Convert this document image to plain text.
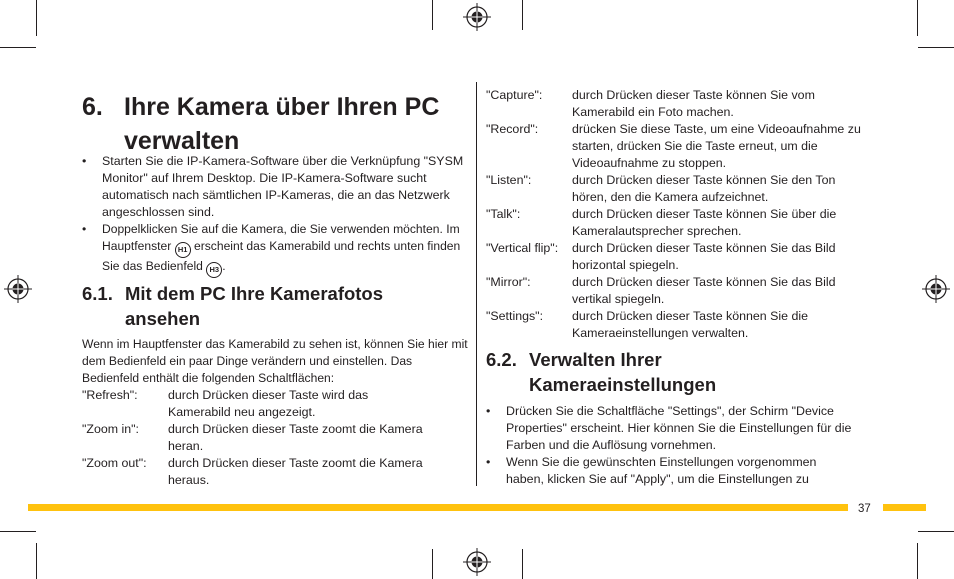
6. Ihre Kamera über Ihren PC verwalten
• Starten Sie die IP-Kamera-Software über die Verknüpfung "SYSM Monitor" auf Ihrem Desktop. Die IP-Kamera-Software sucht automatisch nach sämtlichen IP-Kameras, die an das Netzwerk angeschlossen sind.
• Doppelklicken Sie auf die Kamera, die Sie verwenden möchten. Im Hauptfenster H1 erscheint das Kamerabild und rechts unten finden Sie das Bedienfeld H3 .
6.1. Mit dem PC Ihre Kamerafotos ansehen
Wenn im Hauptfenster das Kamerabild zu sehen ist, können Sie hier mit dem Bedienfeld ein paar Dinge verändern und einstellen. Das Bedienfeld enthält die folgenden Schaltflächen:
"Refresh": durch Drücken dieser Taste wird das Kamerabild neu angezeigt.
"Zoom in": durch Drücken dieser Taste zoomt die Kamera heran.
"Zoom out": durch Drücken dieser Taste zoomt die Kamera heraus.
"Capture": durch Drücken dieser Taste können Sie vom Kamerabild ein Foto machen.
"Record":	drücken Sie diese Taste, um eine Videoaufnahme zu starten, drücken Sie die Taste erneut, um die Videoaufnahme zu stoppen.
"Listen":	durch Drücken dieser Taste können Sie den Ton hören, den die Kamera aufzeichnet.
"Talk":	durch Drücken dieser Taste können Sie über die Kameralautsprecher sprechen.
"Vertical flip": durch Drücken dieser Taste können Sie das Bild horizontal spiegeln.
"Mirror":	durch Drücken dieser Taste können Sie das Bild vertikal spiegeln.
"Settings": durch Drücken dieser Taste können Sie die Kameraeinstellungen verwalten.
6.2. Verwalten Ihrer
Kameraeinstellungen
• Drücken Sie die Schaltfläche "Settings", der Schirm "Device Properties" erscheint. Hier können Sie die Einstellungen für die Farben und die Auflösung vornehmen.
• Wenn Sie die gewünschten Einstellungen vorgenommen haben, klicken Sie auf "Apply", um die Einstellungen zu
37
